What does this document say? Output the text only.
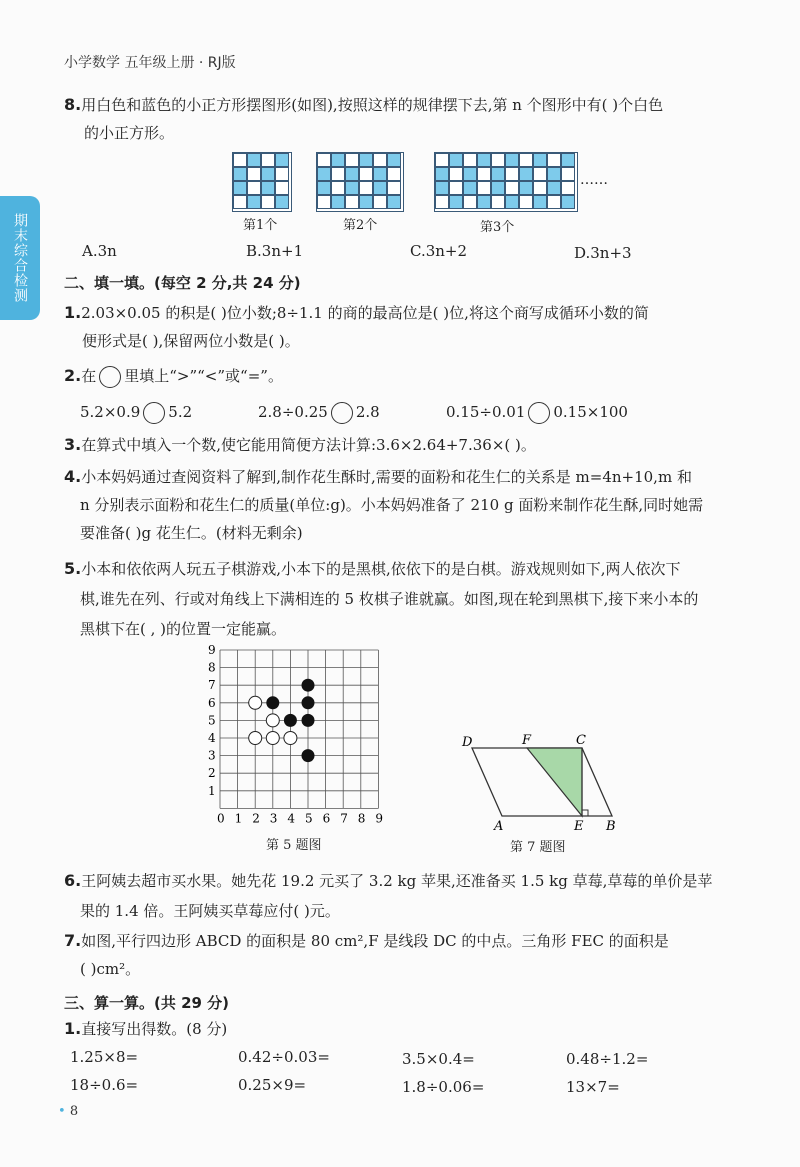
小学数学 五年级上册 · RJ版
期末综合检测
8.用白色和蓝色的小正方形摆图形(如图),按照这样的规律摆下去,第 n 个图形中有( )个白色
的小正方形。
……
第1个	第2个	第3个
A.3n	B.3n+1	C.3n+2	D.3n+3
二、填一填。(每空 2 分,共 24 分)
1.2.03×0.05 的积是( )位小数;8÷1.1 的商的最高位是( )位,将这个商写成循环小数的简
便形式是( ),保留两位小数是( )。
2.在 里填上“>”“<”或“=”。
5.2×0.9 5.2	2.8÷0.25 2.8	0.15÷0.01 0.15×100
3.在算式中填入一个数,使它能用简便方法计算:3.6×2.64+7.36×( )。
4.小本妈妈通过查阅资料了解到,制作花生酥时,需要的面粉和花生仁的关系是 m=4n+10,m 和
n 分别表示面粉和花生仁的质量(单位:g)。小本妈妈准备了 210 g 面粉来制作花生酥,同时她需
要准备( )g 花生仁。(材料无剩余)
5.小本和依依两人玩五子棋游戏,小本下的是黑棋,依依下的是白棋。游戏规则如下,两人依次下
棋,谁先在列、行或对角线上下满相连的 5 枚棋子谁就赢。如图,现在轮到黑棋下,接下来小本的
黑棋下在( , )的位置一定能赢。
0 1
1
2
2
3
3
4
4
5
5
6
6
7
7
8
8
9
9
第 5 题图
D	F	C
A	E B
第 7 题图
6.王阿姨去超市买水果。她先花 19.2 元买了 3.2 kg 苹果,还准备买 1.5 kg 草莓,草莓的单价是苹
果的 1.4 倍。王阿姨买草莓应付( )元。
7.如图,平行四边形 ABCD 的面积是 80 cm²,F 是线段 DC 的中点。三角形 FEC 的面积是
( )cm²。
三、算一算。(共 29 分)
1.直接写出得数。(8 分)
1.25×8=	0.42÷0.03=	3.5×0.4=	0.48÷1.2=
18÷0.6=	0.25×9=	1.8÷0.06=	13×7=
• 8
